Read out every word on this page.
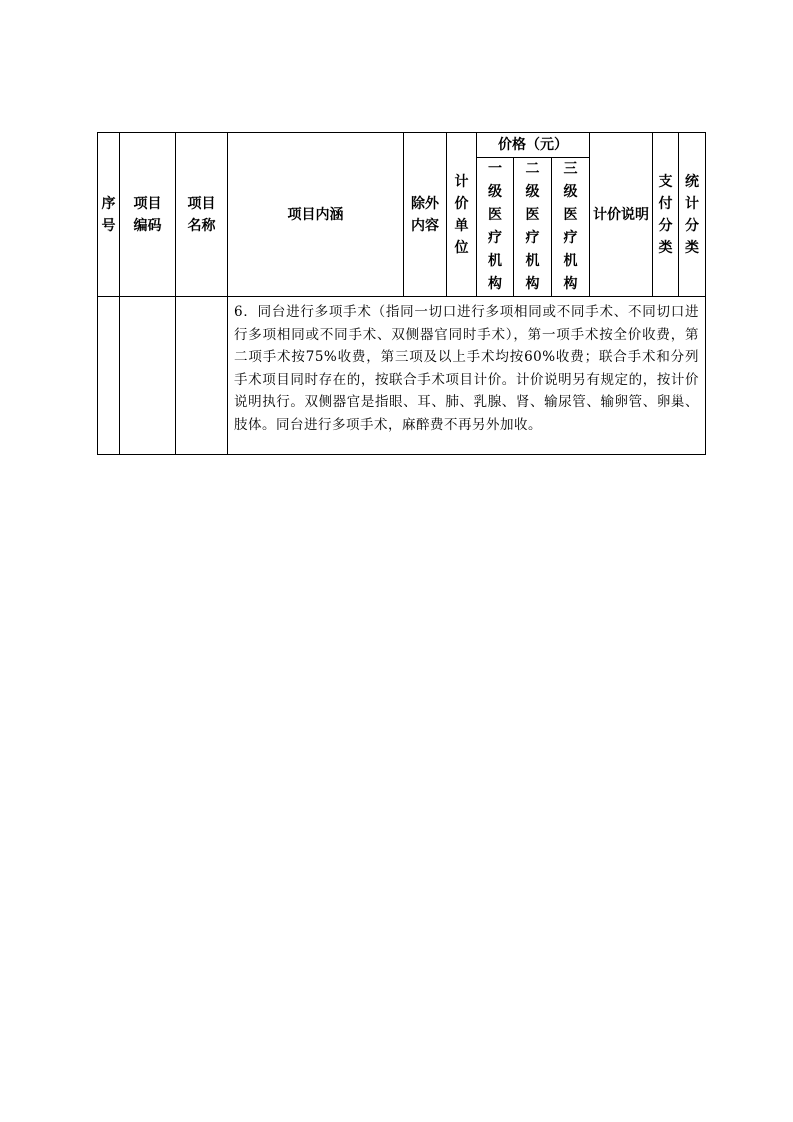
序号	项目编码	项目名称	项目内涵	除外内容	计价单位	价格（元）			计价说明	支付分类	统计分类
						一级医疗机构	二级医疗机构	三级医疗机构			
			6．同台进行多项手术（指同一切口进行多项相同或不同手术、不同切口进行多项相同或不同手术、双侧器官同时手术），第一项手术按全价收费，第二项手术按75%收费，第三项及以上手术均按60%收费；联合手术和分列手术项目同时存在的，按联合手术项目计价。计价说明另有规定的，按计价说明执行。双侧器官是指眼、耳、肺、乳腺、肾、输尿管、输卵管、卵巢、肢体。同台进行多项手术，麻醉费不再另外加收。								
